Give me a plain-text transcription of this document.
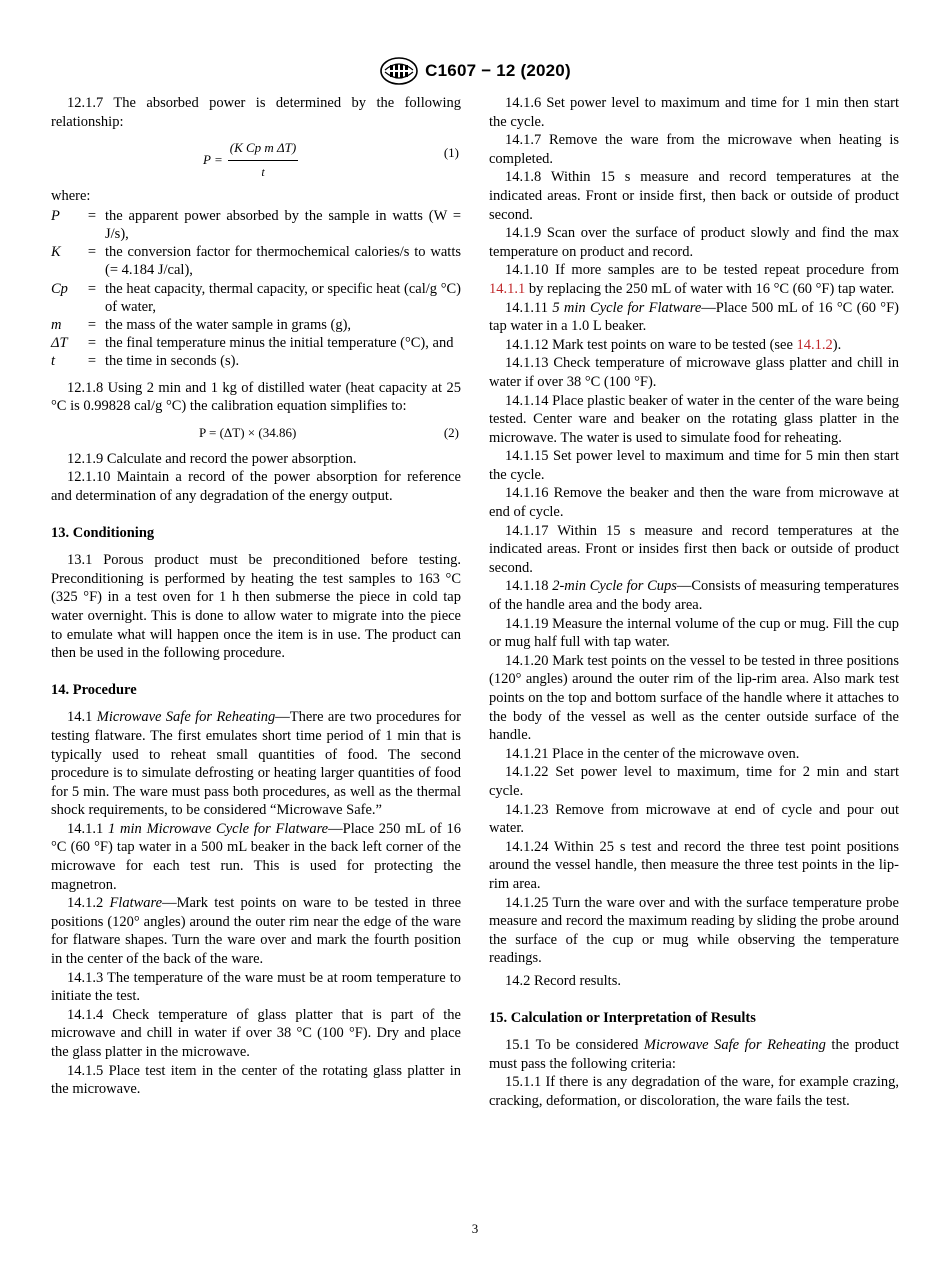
C1607 − 12 (2020)

12.1.7 The absorbed power is determined by the following relationship:

$P = \frac{\text{(K Cp m ΔT)}}{t}$	(1)

where:

P	=	the apparent power absorbed by the sample in watts (W = J/s),
K	=	the conversion factor for thermochemical calories/s to watts (= 4.184 J/cal),
Cp	=	the heat capacity, thermal capacity, or specific heat (cal/g °C) of water,
m	=	the mass of the water sample in grams (g),
ΔT	=	the final temperature minus the initial temperature (°C), and
t	=	the time in seconds (s).

12.1.8 Using 2 min and 1 kg of distilled water (heat capacity at 25 °C is 0.99828 cal/g °C) the calibration equation simplifies to:

P = (ΔT) × (34.86)	(2)

12.1.9 Calculate and record the power absorption.

12.1.10 Maintain a record of the power absorption for reference and determination of any degradation of the energy output.

13. Conditioning

13.1 Porous product must be preconditioned before testing. Preconditioning is performed by heating the test samples to 163 °C (325 °F) in a test oven for 1 h then submerse the piece in cold tap water overnight. This is done to allow water to migrate into the piece to emulate what will happen once the item is in use. The product can then be used in the following procedure.

14. Procedure

14.1 Microwave Safe for Reheating—There are two procedures for testing flatware. The first emulates short time period of 1 min that is typically used to reheat small quantities of food. The second procedure is to simulate defrosting or heating larger quantities of food for 5 min. The ware must pass both procedures, as well as the thermal shock requirements, to be considered “Microwave Safe.”

14.1.1 1 min Microwave Cycle for Flatware—Place 250 mL of 16 °C (60 °F) tap water in a 500 mL beaker in the back left corner of the microwave for each test run. This is used for protecting the magnetron.

14.1.2 Flatware—Mark test points on ware to be tested in three positions (120° angles) around the outer rim near the edge of the ware for flatware shapes. Turn the ware over and mark the fourth position in the center of the back of the ware.

14.1.3 The temperature of the ware must be at room temperature to initiate the test.

14.1.4 Check temperature of glass platter that is part of the microwave and chill in water if over 38 °C (100 °F). Dry and place the glass platter in the microwave.

14.1.5 Place test item in the center of the rotating glass platter in the microwave.

14.1.6 Set power level to maximum and time for 1 min then start the cycle.

14.1.7 Remove the ware from the microwave when heating is completed.

14.1.8 Within 15 s measure and record temperatures at the indicated areas. Front or inside first, then back or outside of product second.

14.1.9 Scan over the surface of product slowly and find the max temperature on product and record.

14.1.10 If more samples are to be tested repeat procedure from 14.1.1 by replacing the 250 mL of water with 16 °C (60 °F) tap water.

14.1.11 5 min Cycle for Flatware—Place 500 mL of 16 °C (60 °F) tap water in a 1.0 L beaker.

14.1.12 Mark test points on ware to be tested (see 14.1.2).

14.1.13 Check temperature of microwave glass platter and chill in water if over 38 °C (100 °F).

14.1.14 Place plastic beaker of water in the center of the ware being tested. Center ware and beaker on the rotating glass platter in the microwave. The water is used to simulate food for reheating.

14.1.15 Set power level to maximum and time for 5 min then start the cycle.

14.1.16 Remove the beaker and then the ware from microwave at end of cycle.

14.1.17 Within 15 s measure and record temperatures at the indicated areas. Front or insides first then back or outside of product second.

14.1.18 2-min Cycle for Cups—Consists of measuring temperatures of the handle area and the body area.

14.1.19 Measure the internal volume of the cup or mug. Fill the cup or mug half full with tap water.

14.1.20 Mark test points on the vessel to be tested in three positions (120° angles) around the outer rim of the lip-rim area. Also mark test points on the top and bottom surface of the handle where it attaches to the body of the vessel as well as the center outside surface of the handle.

14.1.21 Place in the center of the microwave oven.

14.1.22 Set power level to maximum, time for 2 min and start cycle.

14.1.23 Remove from microwave at end of cycle and pour out water.

14.1.24 Within 25 s test and record the three test point positions around the vessel handle, then measure the three test points in the lip-rim area.

14.1.25 Turn the ware over and with the surface temperature probe measure and record the maximum reading by sliding the probe around the surface of the cup or mug while observing the temperature readings.

14.2 Record results.

15. Calculation or Interpretation of Results

15.1 To be considered Microwave Safe for Reheating the product must pass the following criteria:

15.1.1 If there is any degradation of the ware, for example crazing, cracking, deformation, or discoloration, the ware fails the test.

3
